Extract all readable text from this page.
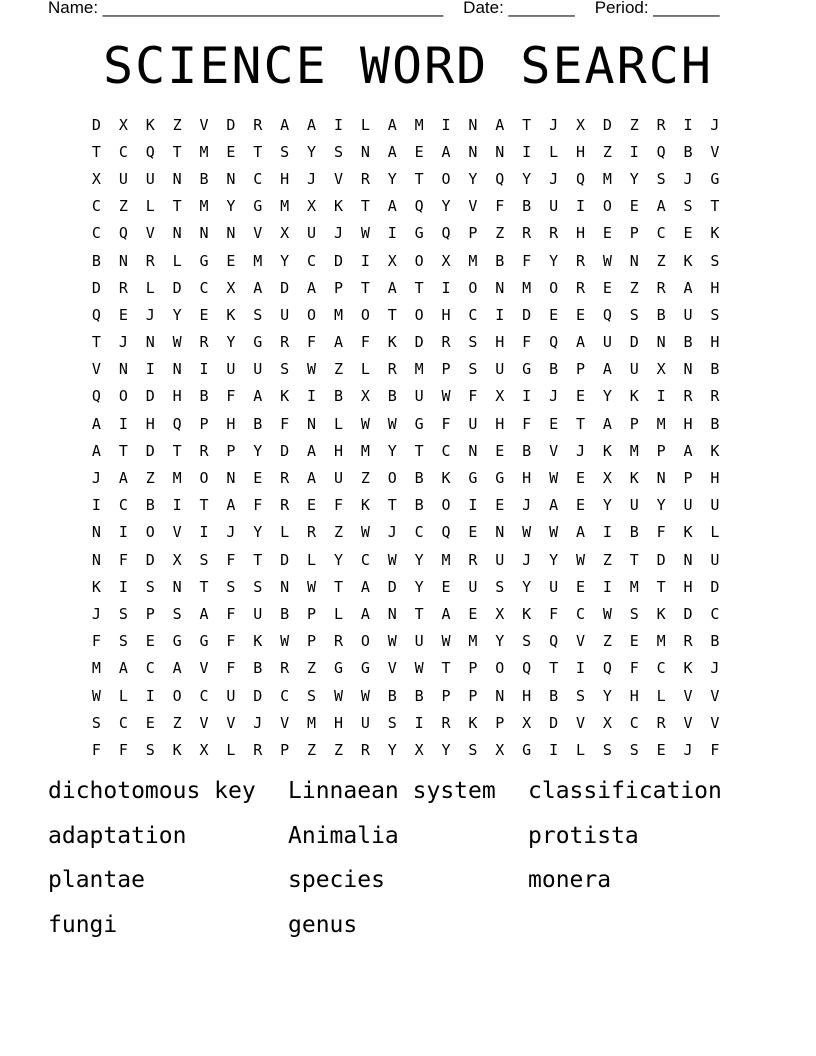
Name: ____________________________________ Date: _______ Period: _______
SCIENCE WORD SEARCH
D	X	K	Z	V	D	R	A	A	I	L	A	M	I	N	A	T	J	X	D	Z	R	I	J
T	C	Q	T	M	E	T	S	Y	S	N	A	E	A	N	N	I	L	H	Z	I	Q	B	V
X	U	U	N	B	N	C	H	J	V	R	Y	T	O	Y	Q	Y	J	Q	M	Y	S	J	G
C	Z	L	T	M	Y	G	M	X	K	T	A	Q	Y	V	F	B	U	I	O	E	A	S	T
C	Q	V	N	N	N	V	X	U	J	W	I	G	Q	P	Z	R	R	H	E	P	C	E	K
B	N	R	L	G	E	M	Y	C	D	I	X	O	X	M	B	F	Y	R	W	N	Z	K	S
D	R	L	D	C	X	A	D	A	P	T	A	T	I	O	N	M	O	R	E	Z	R	A	H
Q	E	J	Y	E	K	S	U	O	M	O	T	O	H	C	I	D	E	E	Q	S	B	U	S
T	J	N	W	R	Y	G	R	F	A	F	K	D	R	S	H	F	Q	A	U	D	N	B	H
V	N	I	N	I	U	U	S	W	Z	L	R	M	P	S	U	G	B	P	A	U	X	N	B
Q	O	D	H	B	F	A	K	I	B	X	B	U	W	F	X	I	J	E	Y	K	I	R	R
A	I	H	Q	P	H	B	F	N	L	W	W	G	F	U	H	F	E	T	A	P	M	H	B
A	T	D	T	R	P	Y	D	A	H	M	Y	T	C	N	E	B	V	J	K	M	P	A	K
J	A	Z	M	O	N	E	R	A	U	Z	O	B	K	G	G	H	W	E	X	K	N	P	H
I	C	B	I	T	A	F	R	E	F	K	T	B	O	I	E	J	A	E	Y	U	Y	U	U
N	I	O	V	I	J	Y	L	R	Z	W	J	C	Q	E	N	W	W	A	I	B	F	K	L
N	F	D	X	S	F	T	D	L	Y	C	W	Y	M	R	U	J	Y	W	Z	T	D	N	U
K	I	S	N	T	S	S	N	W	T	A	D	Y	E	U	S	Y	U	E	I	M	T	H	D
J	S	P	S	A	F	U	B	P	L	A	N	T	A	E	X	K	F	C	W	S	K	D	C
F	S	E	G	G	F	K	W	P	R	O	W	U	W	M	Y	S	Q	V	Z	E	M	R	B
M	A	C	A	V	F	B	R	Z	G	G	V	W	T	P	O	Q	T	I	Q	F	C	K	J
W	L	I	O	C	U	D	C	S	W	W	B	B	P	P	N	H	B	S	Y	H	L	V	V
S	C	E	Z	V	V	J	V	M	H	U	S	I	R	K	P	X	D	V	X	C	R	V	V
F	F	S	K	X	L	R	P	Z	Z	R	Y	X	Y	S	X	G	I	L	S	S	E	J	F
dichotomous key	Linnaean system	classification
adaptation	Animalia	protista
plantae	species	monera
fungi	genus
